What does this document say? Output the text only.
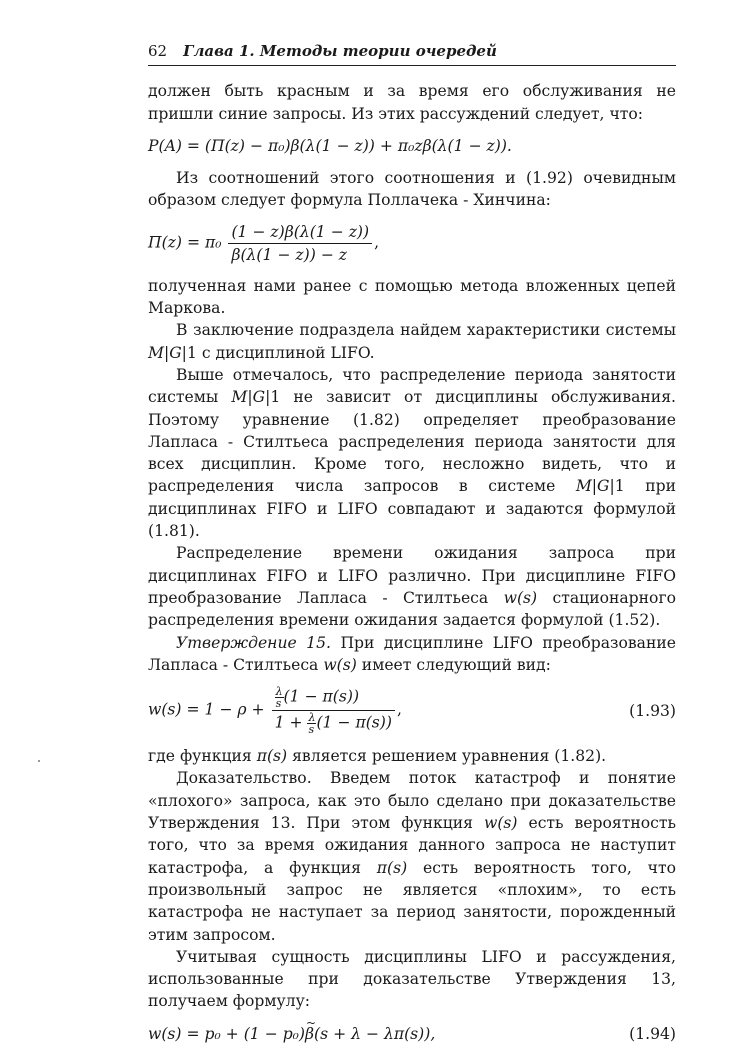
62 Глава 1. Методы теории очередей

должен быть красным и за время его обслуживания не пришли синие запросы. Из этих рассуждений следует, что:

P(A) = (Π(z) − π₀)β(λ(1 − z)) + π₀zβ(λ(1 − z)).

Из соотношений этого соотношения и (1.92) очевидным образом следует формула Поллачека - Хинчина:

$\Pi(z) = \pi_0 \frac{(1 - z)\beta(\lambda(1 - z))}{\beta(\lambda(1 - z)) - z}$ ,

полученная нами ранее с помощью метода вложенных цепей Маркова.

В заключение подраздела найдем характеристики системы M|G|1 с дисциплиной LIFO.

Выше отмечалось, что распределение периода занятости системы M|G|1 не зависит от дисциплины обслуживания. Поэтому уравнение (1.82) определяет преобразование Лапласа - Стилтьеса распределения периода занятости для всех дисциплин. Кроме того, несложно видеть, что и распределения числа запросов в системе M|G|1 при дисциплинах FIFO и LIFO совпадают и задаются формулой (1.81).

Распределение времени ожидания запроса при дисциплинах FIFO и LIFO различно. При дисциплине FIFO преобразование Лапласа - Стилтьеса w(s) стационарного распределения времени ожидания задается формулой (1.52).

Утверждение 15. При дисциплине LIFO преобразование Лапласа - Стилтьеса w(s) имеет следующий вид:

$w(s) = 1 - \rho + \frac{\frac{\lambda}{s} (1 - \pi(s))}{1 + \frac{\lambda}{s} (1 - \pi(s))}$ ,	(1.93)

где функция π(s) является решением уравнения (1.82).

Доказательство. Введем поток катастроф и понятие «плохого» запроса, как это было сделано при доказательстве Утверждения 13. При этом функция w(s) есть вероятность того, что за время ожидания данного запроса не наступит катастрофа, а функция π(s) есть вероятность того, что произвольный запрос не является «плохим», то есть катастрофа не наступает за период занятости, порожденный этим запросом.

Учитывая сущность дисциплины LIFO и рассуждения, использованные при доказательстве Утверждения 13, получаем формулу:

w(s) = p₀ + (1 − p₀)~ β(s + λ − λπ(s)),	(1.94)
